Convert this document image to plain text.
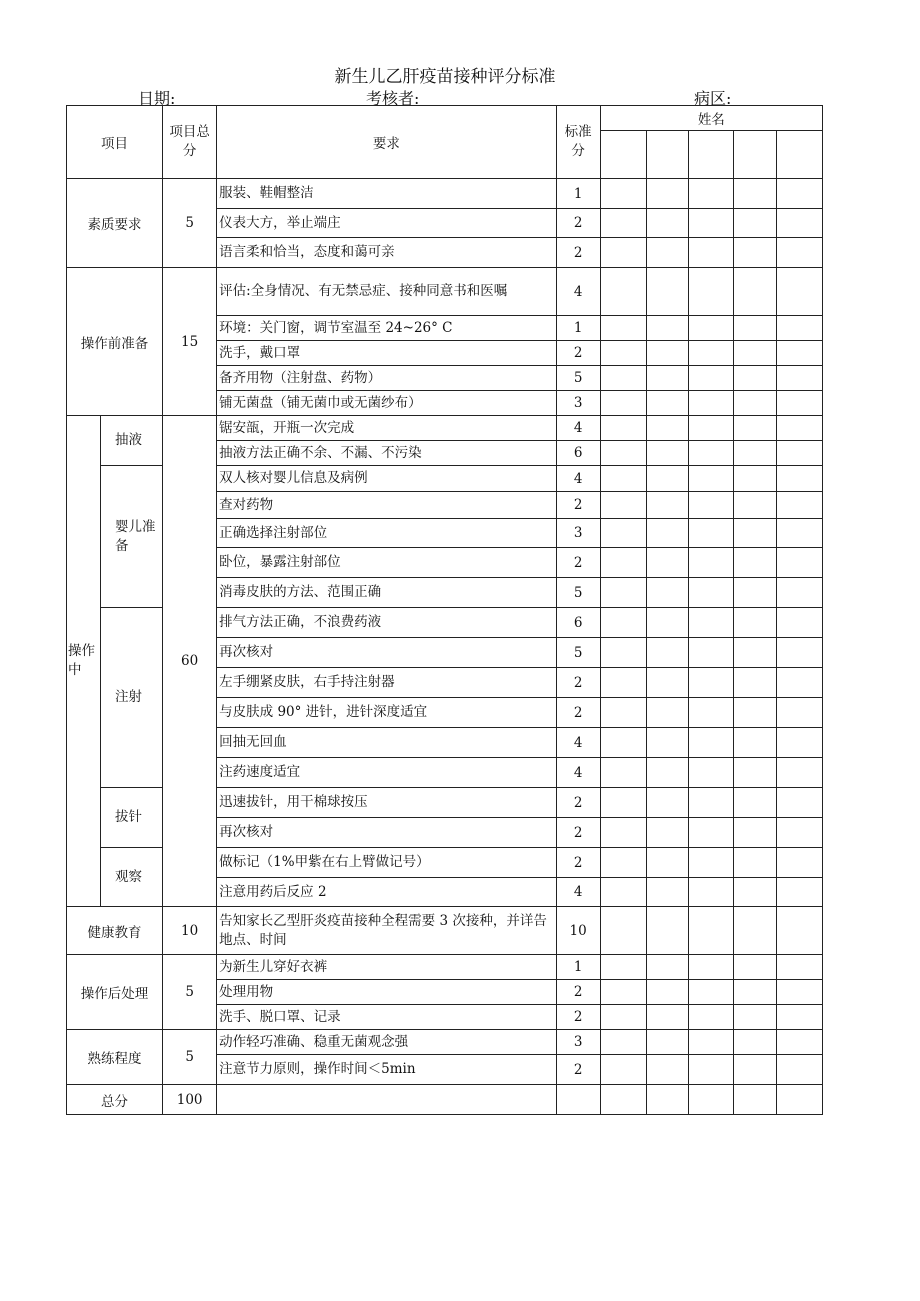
新生儿乙肝疫苗接种评分标准
日期:	考核者:	病区:
项目		项目总分	要求	标准分	姓名				

素质要求		5	服装、鞋帽整洁	1					
			仪表大方，举止端庄	2					
			语言柔和恰当，态度和蔼可亲	2					
操作前准备		15	评估:全身情况、有无禁忌症、接种同意书和医嘱	4					
			环境：关门窗，调节室温至 24~26° C	1					
			洗手，戴口罩	2					
			备齐用物（注射盘、药物）	5					
			铺无菌盘（铺无菌巾或无菌纱布）	3					
操作中	抽液	60	锯安瓿，开瓶一次完成	4					
			抽液方法正确不余、不漏、不污染	6					
	婴儿准备		双人核对婴儿信息及病例	4					
			查对药物	2					
			正确选择注射部位	3					
			卧位，暴露注射部位	2					
			消毒皮肤的方法、范围正确	5					
	注射		排气方法正确，不浪费药液	6					
			再次核对	5					
			左手绷紧皮肤，右手持注射器	2					
			与皮肤成 90° 进针，进针深度适宜	2					
			回抽无回血	4					
			注药速度适宜	4					
	拔针		迅速拔针，用干棉球按压	2					
			再次核对	2					
	观察		做标记（1%甲紫在右上臂做记号）	2					
			注意用药后反应 2	4					
健康教育		10	告知家长乙型肝炎疫苗接种全程需要 3 次接种，并详告地点、时间	10					
操作后处理		5	为新生儿穿好衣裤	1					
			处理用物	2					
			洗手、脱口罩、记录	2					
熟练程度		5	动作轻巧准确、稳重无菌观念强	3					
			注意节力原则，操作时间＜5min	2					
总分		100							
